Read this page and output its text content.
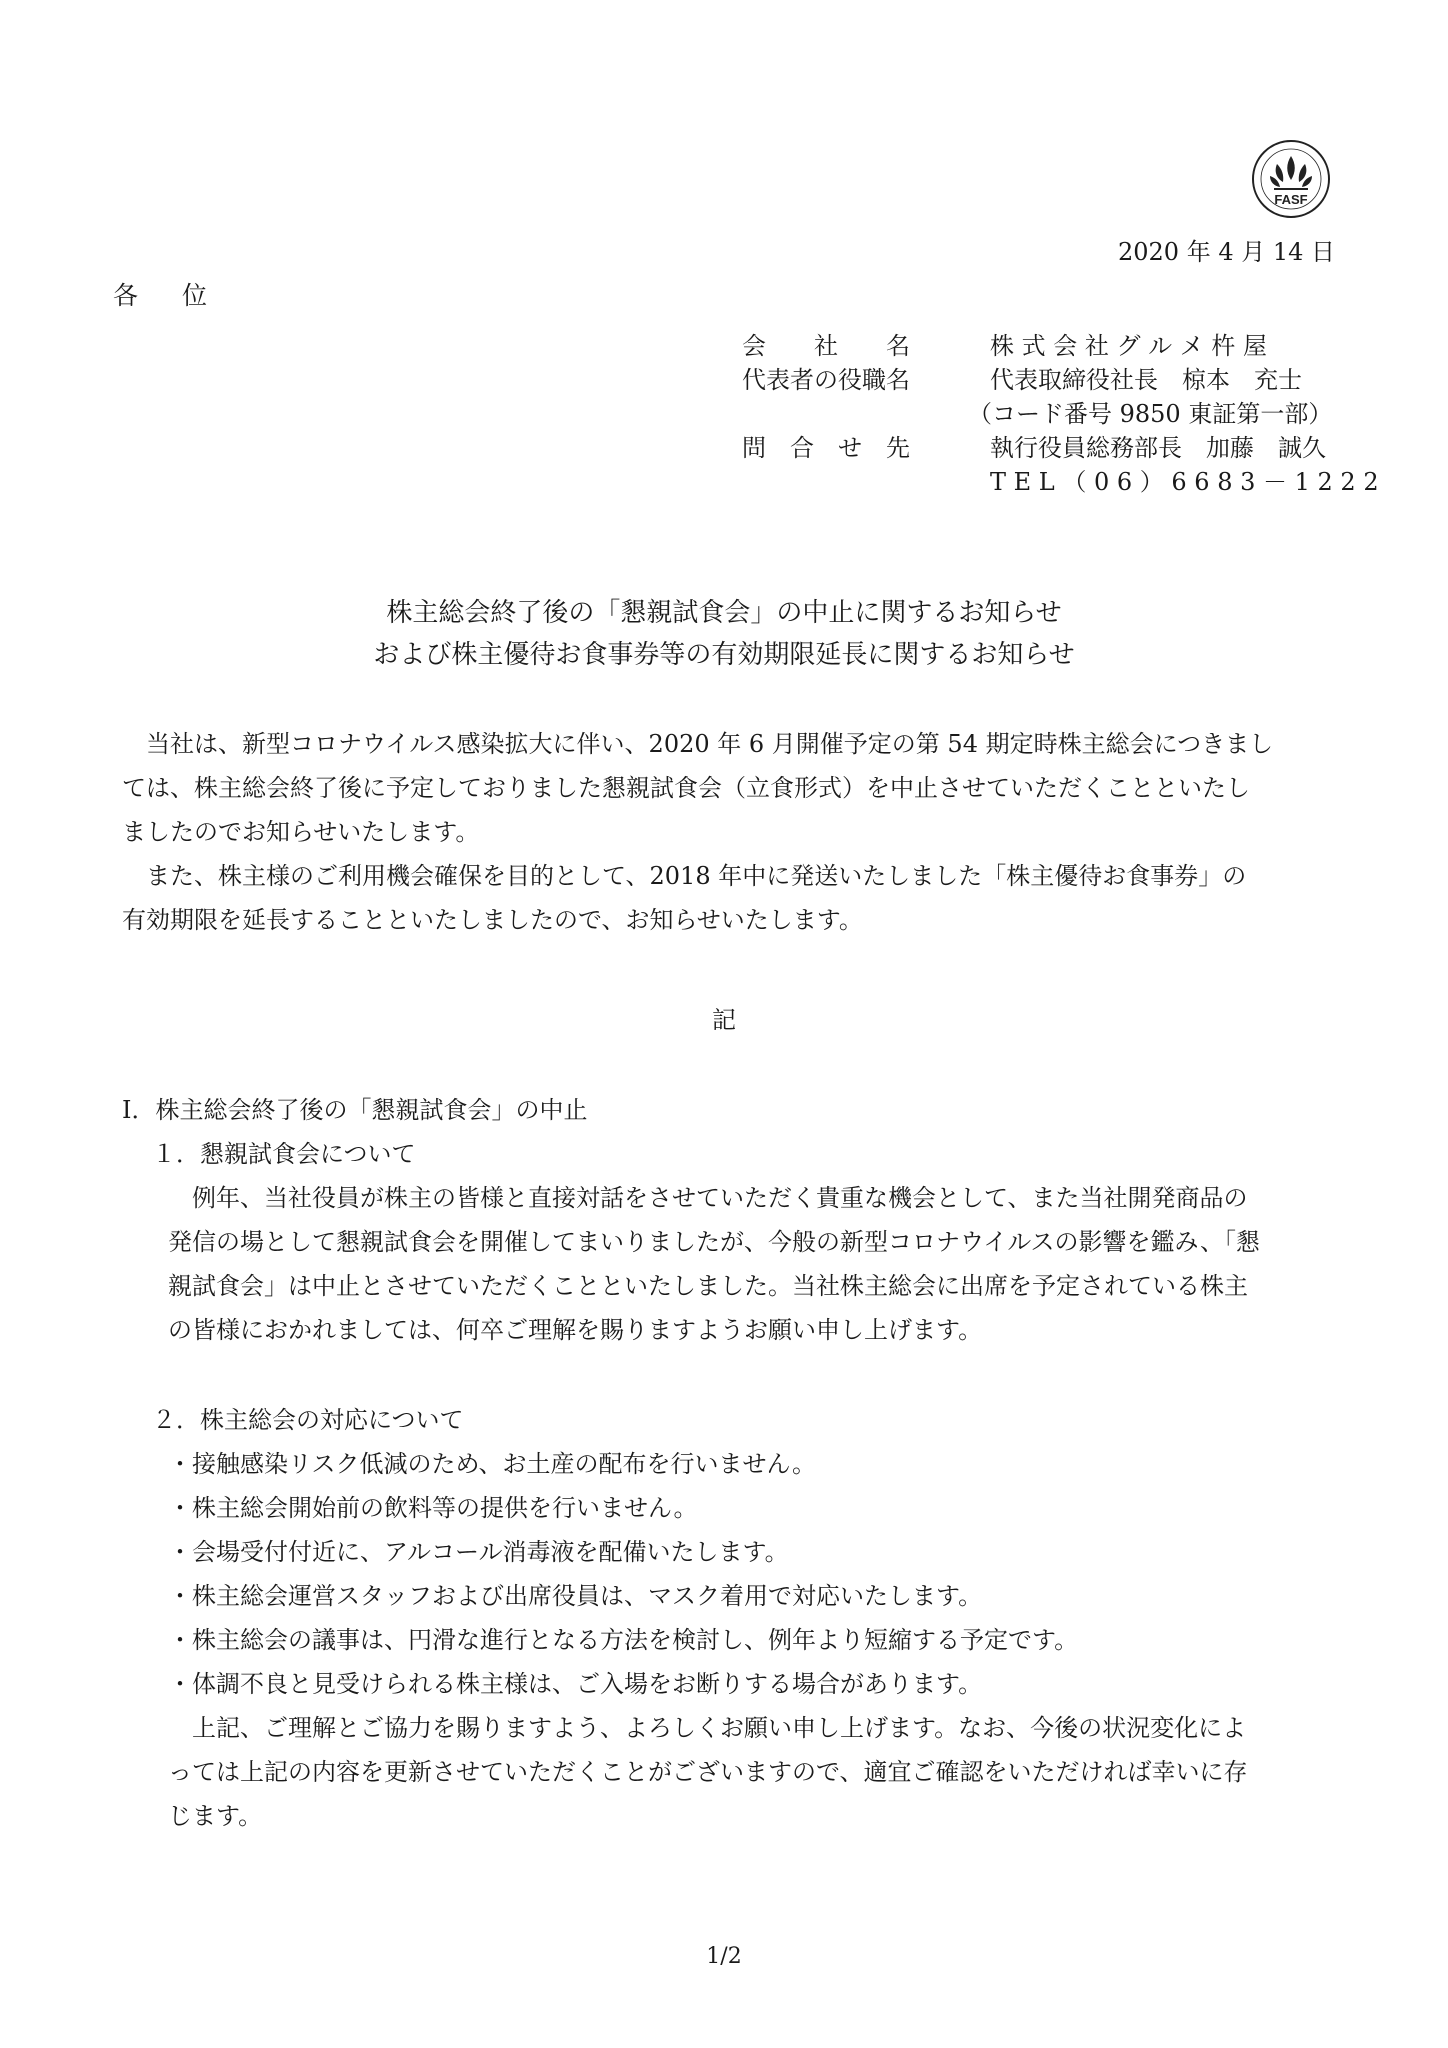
FASF
2020 年 4 月 14 日
各 位
会　　社　　名	株 式 会 社 グ ル メ 杵 屋
代表者の役職名	代表取締役社長　椋本　充士
（コード番号 9850 東証第一部）
問　合　せ　先	執行役員総務部長　加藤　誠久
T E L （ 0 6 ） 6 6 8 3 － 1 2 2 2
株主総会終了後の「懇親試食会」の中止に関するお知らせ
および株主優待お食事券等の有効期限延長に関するお知らせ
　当社は、新型コロナウイルス感染拡大に伴い、2020 年 6 月開催予定の第 54 期定時株主総会につきまし
ては、株主総会終了後に予定しておりました懇親試食会（立食形式）を中止させていただくことといたし
ましたのでお知らせいたします。
　また、株主様のご利用機会確保を目的として、2018 年中に発送いたしました「株主優待お食事券」の
有効期限を延長することといたしましたので、お知らせいたします。
記
Ⅰ．株主総会終了後の「懇親試食会」の中止
１．懇親試食会について
　例年、当社役員が株主の皆様と直接対話をさせていただく貴重な機会として、また当社開発商品の
発信の場として懇親試食会を開催してまいりましたが、今般の新型コロナウイルスの影響を鑑み、「懇
親試食会」は中止とさせていただくことといたしました。当社株主総会に出席を予定されている株主
の皆様におかれましては、何卒ご理解を賜りますようお願い申し上げます。
２．株主総会の対応について
・接触感染リスク低減のため、お土産の配布を行いません。
・株主総会開始前の飲料等の提供を行いません。
・会場受付付近に、アルコール消毒液を配備いたします。
・株主総会運営スタッフおよび出席役員は、マスク着用で対応いたします。
・株主総会の議事は、円滑な進行となる方法を検討し、例年より短縮する予定です。
・体調不良と見受けられる株主様は、ご入場をお断りする場合があります。
　上記、ご理解とご協力を賜りますよう、よろしくお願い申し上げます。なお、今後の状況変化によ
っては上記の内容を更新させていただくことがございますので、適宜ご確認をいただければ幸いに存
じます。
1/2
